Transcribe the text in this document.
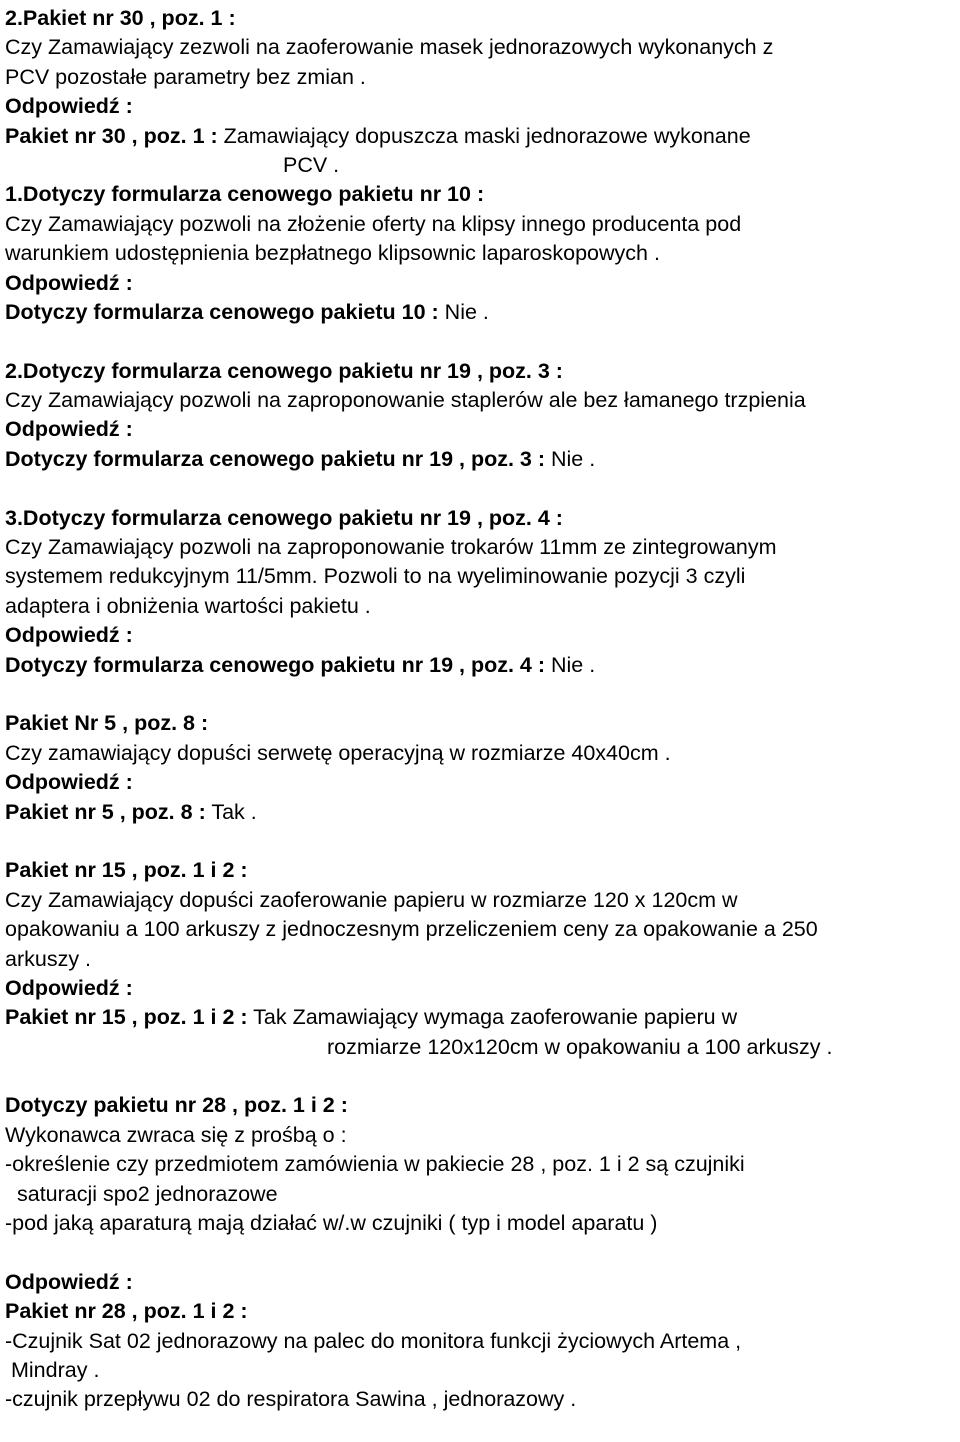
2.Pakiet nr 30 , poz. 1 :
Czy Zamawiający zezwoli na zaoferowanie masek jednorazowych wykonanych z
PCV pozostałe parametry bez zmian .
Odpowiedź :
Pakiet nr 30 , poz. 1 : Zamawiający dopuszcza maski jednorazowe wykonane
PCV .
1.Dotyczy formularza cenowego pakietu nr 10 :
Czy Zamawiający pozwoli na złożenie oferty na klipsy innego producenta pod
warunkiem udostępnienia bezpłatnego klipsownic laparoskopowych .
Odpowiedź :
Dotyczy formularza cenowego pakietu 10 : Nie .
2.Dotyczy formularza cenowego pakietu nr 19 , poz. 3 :
Czy Zamawiający pozwoli na zaproponowanie staplerów ale bez łamanego trzpienia
Odpowiedź :
Dotyczy formularza cenowego pakietu nr 19 , poz. 3 : Nie .
3.Dotyczy formularza cenowego pakietu nr 19 , poz. 4 :
Czy Zamawiający pozwoli na zaproponowanie trokarów 11mm ze zintegrowanym
systemem redukcyjnym 11/5mm. Pozwoli to na wyeliminowanie pozycji 3 czyli
adaptera i obniżenia wartości pakietu .
Odpowiedź :
Dotyczy formularza cenowego pakietu nr 19 , poz. 4 : Nie .
Pakiet Nr 5 , poz. 8 :
Czy zamawiający dopuści serwetę operacyjną w rozmiarze 40x40cm .
Odpowiedź :
Pakiet nr 5 , poz. 8 : Tak .
Pakiet nr 15 , poz. 1 i 2 :
Czy Zamawiający dopuści zaoferowanie papieru w rozmiarze 120 x 120cm w
opakowaniu a 100 arkuszy z jednoczesnym przeliczeniem ceny za opakowanie a 250
arkuszy .
Odpowiedź :
Pakiet nr 15 , poz. 1 i 2 : Tak Zamawiający wymaga zaoferowanie papieru w
rozmiarze 120x120cm w opakowaniu a 100 arkuszy .
Dotyczy pakietu nr 28 , poz. 1 i 2 :
Wykonawca zwraca się z prośbą o :
-określenie czy przedmiotem zamówienia w pakiecie 28 , poz. 1 i 2 są czujniki
saturacji spo2 jednorazowe
-pod jaką aparaturą mają działać w/.w czujniki ( typ i model aparatu )
Odpowiedź :
Pakiet nr 28 , poz. 1 i 2 :
-Czujnik Sat 02 jednorazowy na palec do monitora funkcji życiowych Artema ,
Mindray .
-czujnik przepływu 02 do respiratora Sawina , jednorazowy .
